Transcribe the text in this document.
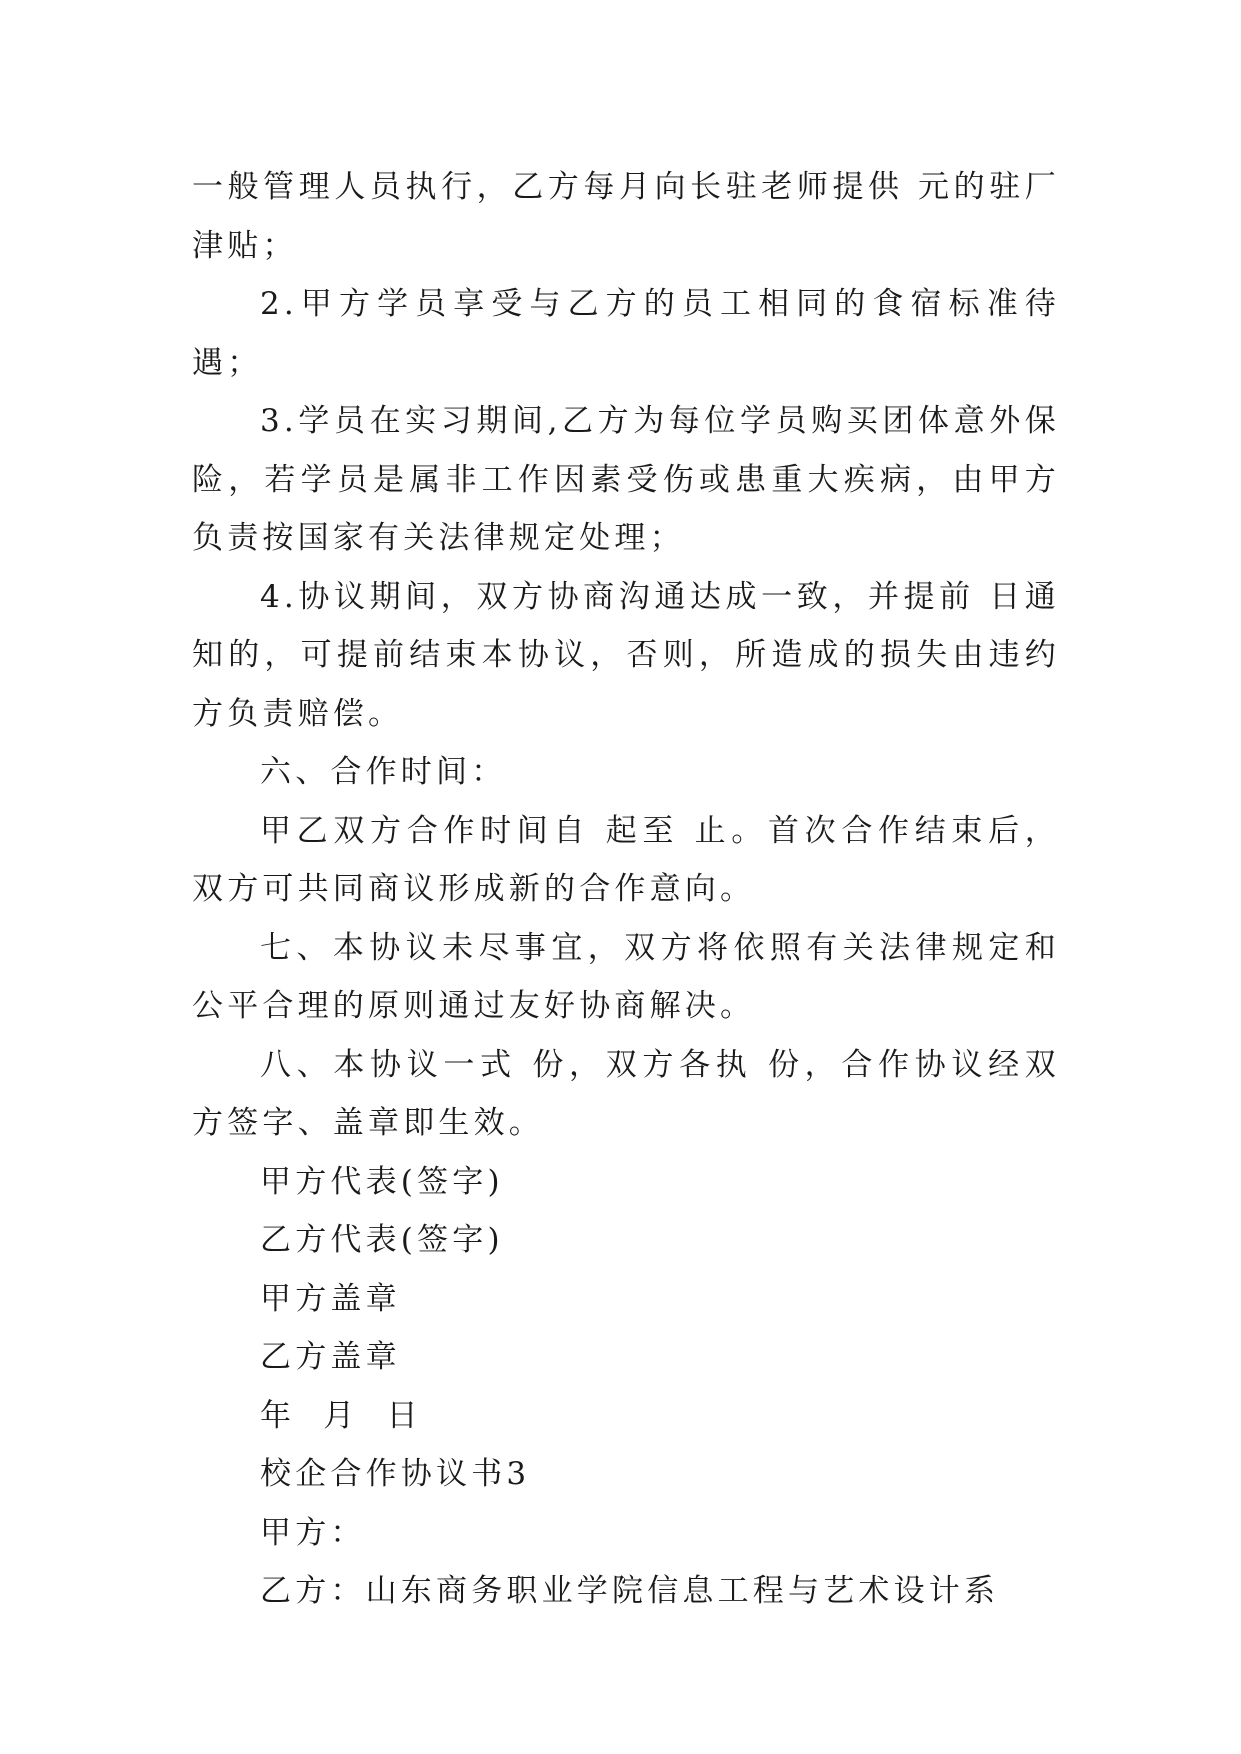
一般管理人员执行，乙方每月向长驻老师提供 元的驻厂津贴；

2.甲方学员享受与乙方的员工相同的食宿标准待遇；

3.学员在实习期间,乙方为每位学员购买团体意外保险，若学员是属非工作因素受伤或患重大疾病，由甲方负责按国家有关法律规定处理；

4.协议期间，双方协商沟通达成一致，并提前 日通知的，可提前结束本协议，否则，所造成的损失由违约方负责赔偿。

六、合作时间：

甲乙双方合作时间自 起至 止。首次合作结束后，双方可共同商议形成新的合作意向。

七、本协议未尽事宜，双方将依照有关法律规定和公平合理的原则通过友好协商解决。

八、本协议一式 份，双方各执 份，合作协议经双方签字、盖章即生效。

甲方代表(签字)

乙方代表(签字)

甲方盖章

乙方盖章

年  月  日

校企合作协议书3

甲方：

乙方：山东商务职业学院信息工程与艺术设计系
